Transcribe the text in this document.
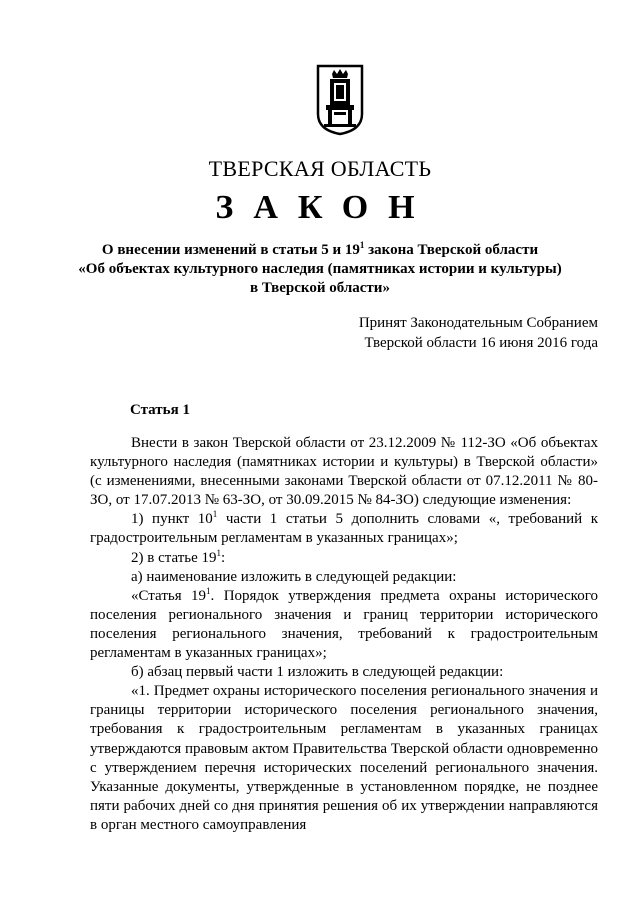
ТВЕРСКАЯ ОБЛАСТЬ
ЗАКОН
О внесении изменений в статьи 5 и $19^1$ закона Тверской области
«Об объектах культурного наследия (памятниках истории и культуры)
в Тверской области»
Принят Законодательным Собранием
Тверской области 16 июня 2016 года
Статья 1

Внести в закон Тверской области от 23.12.2009 № 112-ЗО «Об объектах культурного наследия (памятниках истории и культуры) в Тверской области» (с изменениями, внесенными законами Тверской области от 07.12.2011 № 80-ЗО, от 17.07.2013 № 63-ЗО, от 30.09.2015 № 84-ЗО) следующие изменения:

1) пункт $10^1$ части 1 статьи 5 дополнить словами «, требований к градостроительным регламентам в указанных границах»;

2) в статье $19^1$:

а) наименование изложить в следующей редакции:

«Статья $19^1$. Порядок утверждения предмета охраны исторического поселения регионального значения и границ территории исторического поселения регионального значения, требований к градостроительным регламентам в указанных границах»;

б) абзац первый части 1 изложить в следующей редакции:

«1. Предмет охраны исторического поселения регионального значения и границы территории исторического поселения регионального значения, требования к градостроительным регламентам в указанных границах утверждаются правовым актом Правительства Тверской области одновременно с утверждением перечня исторических поселений регионального значения. Указанные документы, утвержденные в установленном порядке, не позднее пяти рабочих дней со дня принятия решения об их утверждении направляются в орган местного самоуправления
